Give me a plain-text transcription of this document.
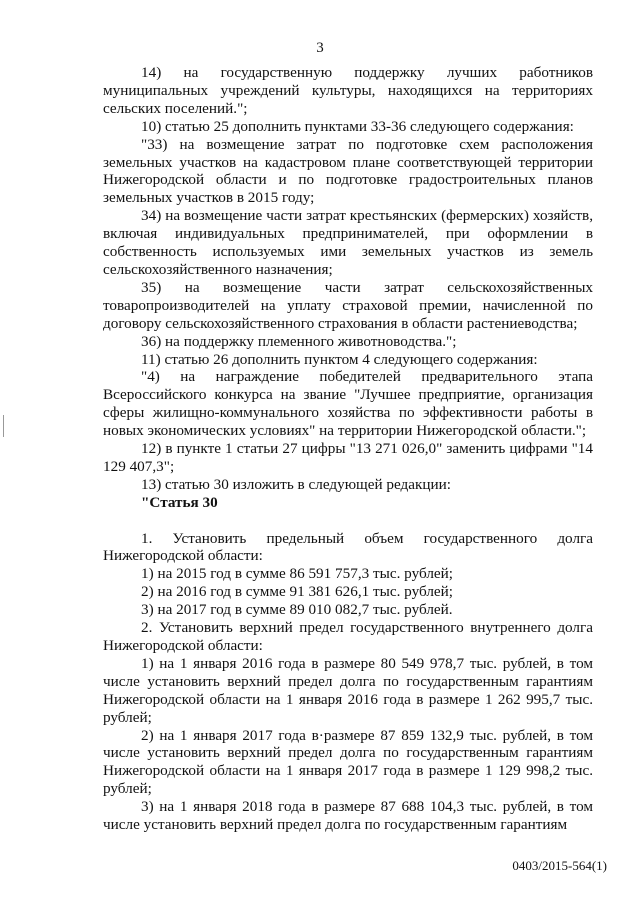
3

14) на государственную поддержку лучших работников муниципальных учреждений культуры, находящихся на территориях сельских поселений.";

10) статью 25 дополнить пунктами 33-36 следующего содержания:

"33) на возмещение затрат по подготовке схем расположения земельных участков на кадастровом плане соответствующей территории Нижегородской области и по подготовке градостроительных планов земельных участков в 2015 году;

34) на возмещение части затрат крестьянских (фермерских) хозяйств, включая индивидуальных предпринимателей, при оформлении в собственность используемых ими земельных участков из земель сельскохозяйственного назначения;

35) на возмещение части затрат сельскохозяйственных товаропроизводителей на уплату страховой премии, начисленной по договору сельскохозяйственного страхования в области растениеводства;

36) на поддержку племенного животноводства.";

11) статью 26 дополнить пунктом 4 следующего содержания:

"4) на награждение победителей предварительного этапа Всероссийского конкурса на звание "Лучшее предприятие, организация сферы жилищно-коммунального хозяйства по эффективности работы в новых экономических условиях" на территории Нижегородской области.";

12) в пункте 1 статьи 27 цифры "13 271 026,0" заменить цифрами "14 129 407,3";

13) статью 30 изложить в следующей редакции:

"Статья 30

1. Установить предельный объем государственного долга Нижегородской области:

1) на 2015 год в сумме 86 591 757,3 тыс. рублей;

2) на 2016 год в сумме 91 381 626,1 тыс. рублей;

3) на 2017 год в сумме 89 010 082,7 тыс. рублей.

2. Установить верхний предел государственного внутреннего долга Нижегородской области:

1) на 1 января 2016 года в размере 80 549 978,7 тыс. рублей, в том числе установить верхний предел долга по государственным гарантиям Нижегородской области на 1 января 2016 года в размере 1 262 995,7 тыс. рублей;

2) на 1 января 2017 года в·размере 87 859 132,9 тыс. рублей, в том числе установить верхний предел долга по государственным гарантиям Нижегородской области на 1 января 2017 года в размере 1 129 998,2 тыс. рублей;

3) на 1 января 2018 года в размере 87 688 104,3 тыс. рублей, в том числе установить верхний предел долга по государственным гарантиям

0403/2015-564(1)
